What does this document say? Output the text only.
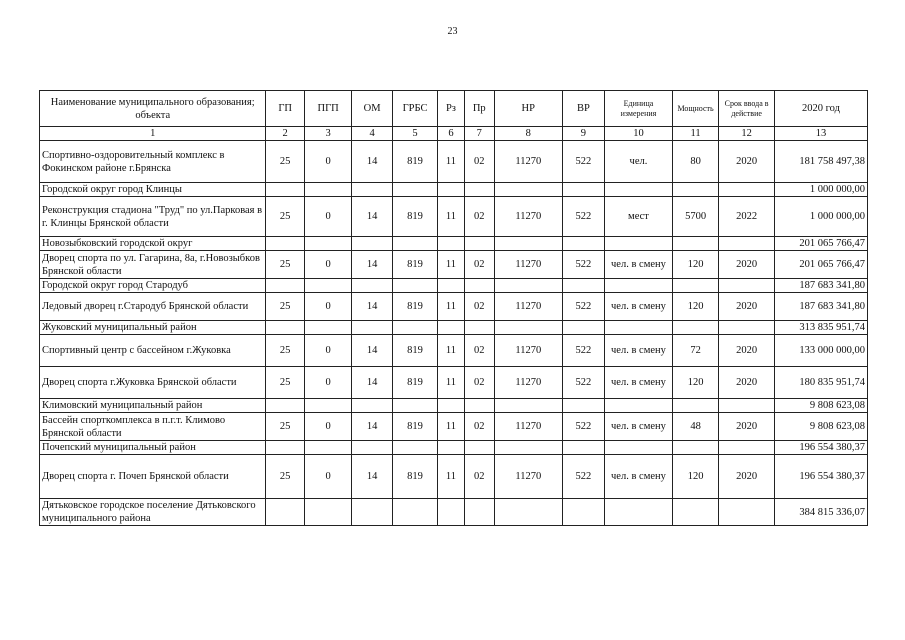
23
Наименование муниципального образования; объекта	ГП	ПГП	ОМ	ГРБС	Рз	Пр	НР	ВР	Единица измерения	Мощность	Срок ввода в действие	2020 год
1	2	3	4	5	6	7	8	9	10	11	12	13
Спортивно-оздоровительный комплекс в Фокинском районе г.Брянска	25	0	14	819	11	02	11270	522	чел.	80	2020	181 758 497,38
Городской округ город Клинцы												1 000 000,00
Реконструкция стадиона "Труд" по ул.Парковая в г. Клинцы Брянской области	25	0	14	819	11	02	11270	522	мест	5700	2022	1 000 000,00
Новозыбковский городской округ												201 065 766,47
Дворец спорта по ул. Гагарина, 8а, г.Новозыбков Брянской области	25	0	14	819	11	02	11270	522	чел. в смену	120	2020	201 065 766,47
Городской округ город Стародуб												187 683 341,80
Ледовый дворец г.Стародуб Брянской области	25	0	14	819	11	02	11270	522	чел. в смену	120	2020	187 683 341,80
Жуковский муниципальный район												313 835 951,74
Спортивный центр с бассейном г.Жуковка	25	0	14	819	11	02	11270	522	чел. в смену	72	2020	133 000 000,00
Дворец спорта г.Жуковка Брянской области	25	0	14	819	11	02	11270	522	чел. в смену	120	2020	180 835 951,74
Климовский муниципальный район												9 808 623,08
Бассейн спорткомплекса в п.г.т. Климово Брянской области	25	0	14	819	11	02	11270	522	чел. в смену	48	2020	9 808 623,08
Почепский муниципальный район												196 554 380,37
Дворец спорта г. Почеп Брянской области	25	0	14	819	11	02	11270	522	чел. в смену	120	2020	196 554 380,37
Дятьковское городское поселение Дятьковского муниципального района												384 815 336,07
